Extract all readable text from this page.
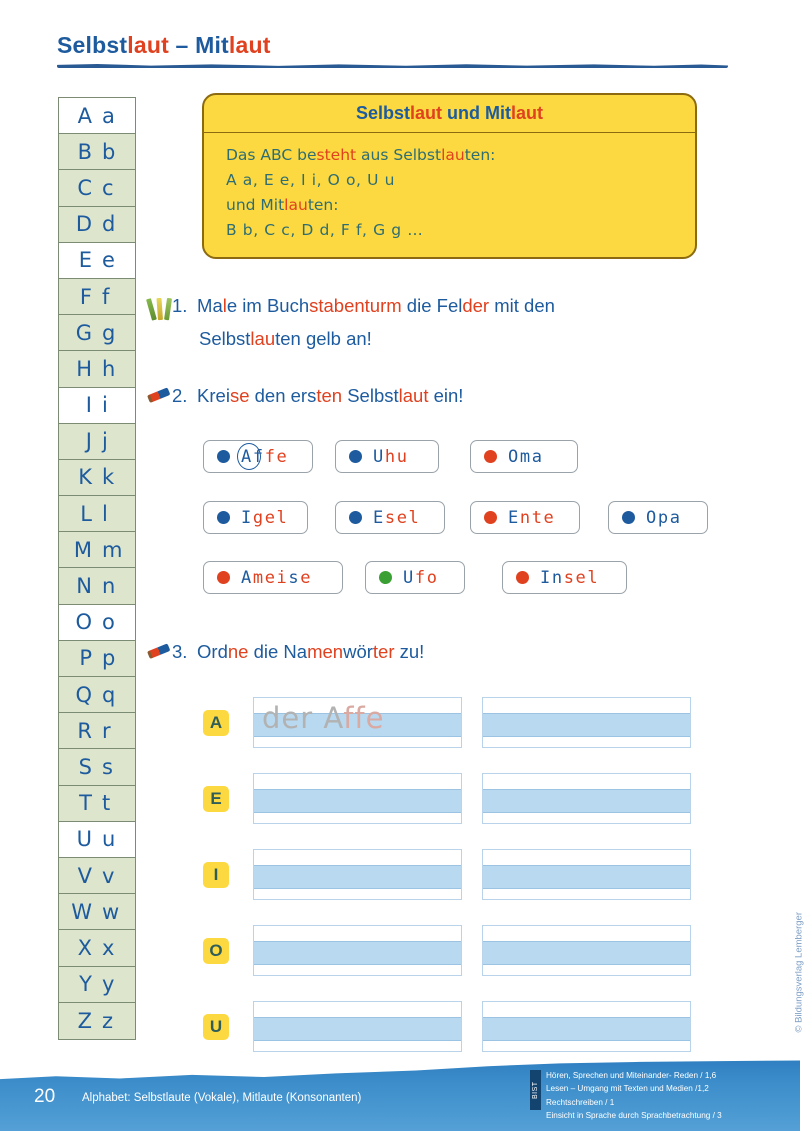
Selbstlaut – Mitlaut
A a
B b
C c
D d
E e
F f
G g
H h
I i
J j
K k
L l
M m
N n
O o
P p
Q q
R r
S s
T t
U u
V v
W w
X x
Y y
Z z
Selbstlaut und Mitlaut
Das ABC besteht aus Selbstlauten:
A a, E e, I i, O o, U u
und Mitlauten:
B b, C c, D d, F f, G g …
1. Male im Buchstabenturm die Felder mit den
Selbstlauten gelb an!
2. Kreise den ersten Selbstlaut ein!
3. Ordne die Namenwörter zu!
Affe	Uhu	Oma
Igel	Esel	Ente	Opa
Ameise	Ufo	Insel
A der Affe
E
I
O
U	© Bildungsverlag Lemberger
20 Alphabet: Selbstlaute (Vokale), Mitlaute (Konsonanten)	BIST
Hören, Sprechen und Miteinander- Reden / 1,6
Lesen – Umgang mit Texten und Medien /1,2
Rechtschreiben / 1
Einsicht in Sprache durch Sprachbetrachtung / 3
